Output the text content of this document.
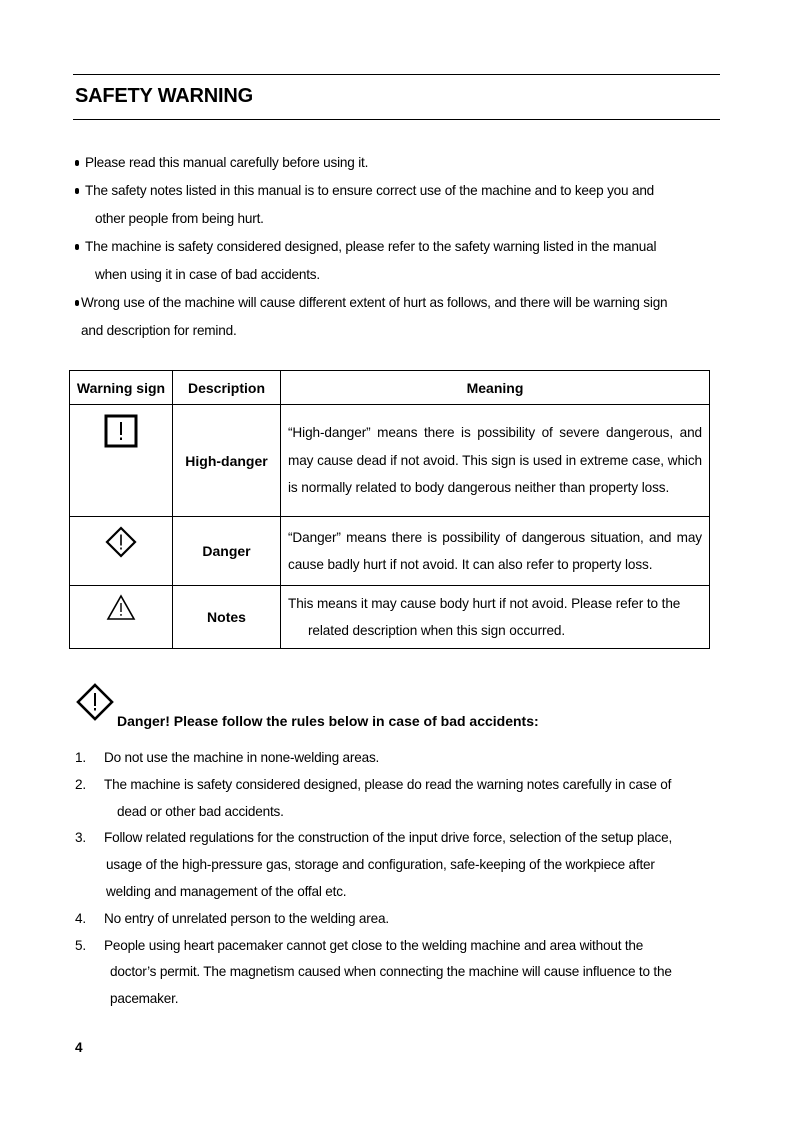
SAFETY WARNING
Please read this manual carefully before using it.
The safety notes listed in this manual is to ensure correct use of the machine and to keep you and
other people from being hurt.
The machine is safety considered designed, please refer to the safety warning listed in the manual
when using it in case of bad accidents.
Wrong use of the machine will cause different extent of hurt as follows, and there will be warning sign
and description for remind.
Warning sign	Description	Meaning
	High-danger	“High-danger” means there is possibility of severe dangerous, and may cause dead if not avoid. This sign is used in extreme case, which is normally related to body dangerous neither than property loss.
	Danger	“Danger” means there is possibility of dangerous situation, and may cause badly hurt if not avoid. It can also refer to property loss.
	Notes	This means it may cause body hurt if not avoid. Please refer to the
related description when this sign occurred.
Danger! Please follow the rules below in case of bad accidents:
1. Do not use the machine in none-welding areas.
2. The machine is safety considered designed, please do read the warning notes carefully in case of
dead or other bad accidents.
3. Follow related regulations for the construction of the input drive force, selection of the setup place,
usage of the high-pressure gas, storage and configuration, safe-keeping of the workpiece after
welding and management of the offal etc.
4. No entry of unrelated person to the welding area.
5. People using heart pacemaker cannot get close to the welding machine and area without the
doctor’s permit. The magnetism caused when connecting the machine will cause influence to the
pacemaker.
4
